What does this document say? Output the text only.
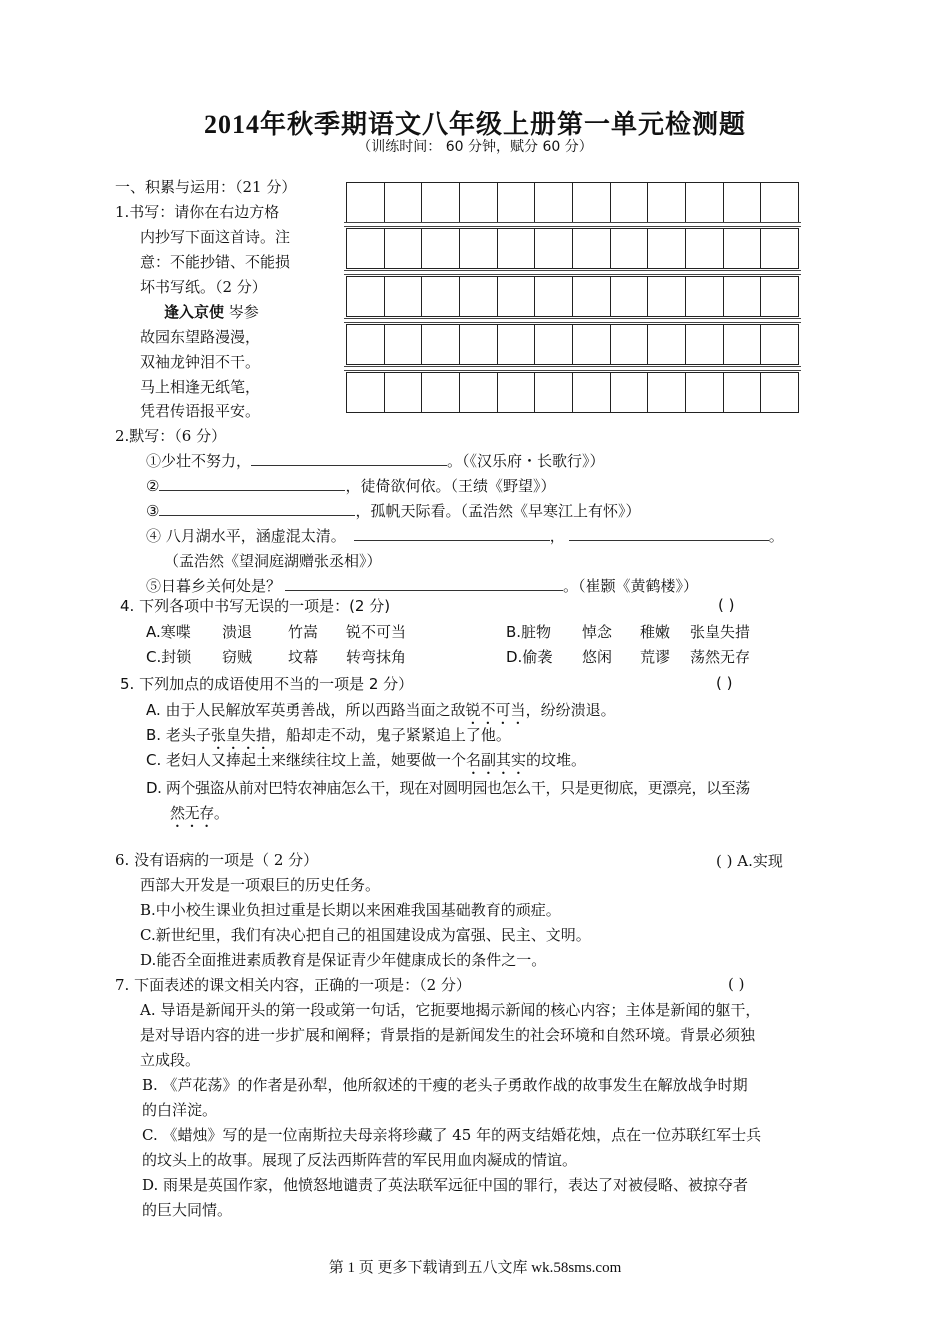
2014年秋季期语文八年级上册第一单元检测题
（训练时间： 60 分钟，赋分 60 分）
一、积累与运用：（21 分）
1.书写：请你在右边方格
内抄写下面这首诗。注
意：不能抄错、不能损
坏书写纸。（2 分）
逢入京使 岑参
故园东望路漫漫，
双袖龙钟泪不干。
马上相逢无纸笔，
凭君传语报平安。
2.默写：（6 分）
①少壮不努力，	。（《汉乐府・长歌行》）
②	，徒倚欲何依。（王绩《野望》）
③	，孤帆天际看。（孟浩然《早寒江上有怀》）
④ 八月湖水平，涵虚混太清。	，	。
（孟浩然《望洞庭湖赠张丞相》）
⑤日暮乡关何处是？	。（崔颢《黄鹤楼》）
4. 下列各项中书写无误的一项是：(2 分)	( )
A.寒喋 溃退 竹嵩 锐不可当	B.脏物 悼念 稚嫩 张皇失措
C.封锁 窃贼 坟幕 转弯抹角	D.偷袭 悠闲 荒谬 荡然无存
5. 下列加点的成语使用不当的一项是 2 分）	( )
A. 由于人民解放军英勇善战，所以西路当面之敌锐不可当，纷纷溃退。
B. 老头子张皇失措，船却走不动，鬼子紧紧追上了他。
C. 老妇人又捧起土来继续往坟上盖，她要做一个名副其实的坟堆。
D. 两个强盗从前对巴特农神庙怎么干，现在对圆明园也怎么干，只是更彻底，更漂亮，以至荡
然无存。
6. 没有语病的一项是（ 2 分）	( ) A.实现
西部大开发是一项艰巨的历史任务。
B.中小校生课业负担过重是长期以来困难我国基础教育的顽症。
C.新世纪里，我们有决心把自己的祖国建设成为富强、民主、文明。
D.能否全面推进素质教育是保证青少年健康成长的条件之一。
7. 下面表述的课文相关内容，正确的一项是：（2 分）	( )
A. 导语是新闻开头的第一段或第一句话，它扼要地揭示新闻的核心内容；主体是新闻的躯干，
是对导语内容的进一步扩展和阐释；背景指的是新闻发生的社会环境和自然环境。背景必须独
立成段。
B. 《芦花荡》的作者是孙犁，他所叙述的干瘦的老头子勇敢作战的故事发生在解放战争时期
的白洋淀。
C. 《蜡烛》写的是一位南斯拉夫母亲将珍藏了 45 年的两支结婚花烛，点在一位苏联红军士兵
的坟头上的故事。展现了反法西斯阵营的军民用血肉凝成的情谊。
D. 雨果是英国作家，他愤怒地谴责了英法联军远征中国的罪行，表达了对被侵略、被掠夺者
的巨大同情。
第 1 页 更多下载请到五八文库 wk.58sms.com
